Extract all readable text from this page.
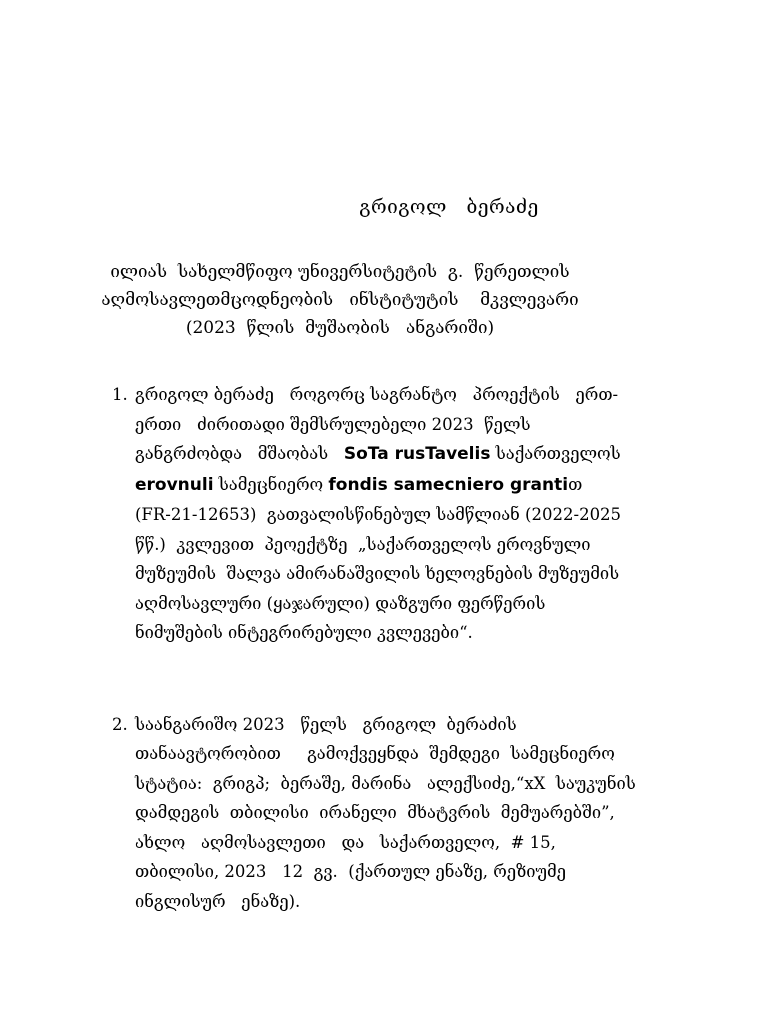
გრიგოლ   ბერაძე
ილიას  სახელმწიფო უნივერსიტეტის  გ.  წერეთლის
აღმოსავლეთმცოდნეობის   ინსტიტუტის    მკვლევარი
(2023  წლის  მუშაობის   ანგარიში)
1. გრიგოლ ბერაძე   როგორც საგრანტო   პროექტის   ერთ-
ერთი   ძირითადი შემსრულებელი 2023  წელს
განგრძობდა   მშაობას   SoTa rusTavelis საქართველოს
erovnuli სამეცნიერო fondis samecniero grantiთ
(FR-21-12653)  გათვალისწინებულ სამწლიან (2022-2025
წწ.)  კვლევით  პეოექტზე  „საქართველოს ეროვნული
მუზეუმის  შალვა ამირანაშვილის ხელოვნების მუზეუმის
აღმოსავლური (ყაჯარული) დაზგური ფერწერის
ნიმუშების ინტეგრირებული კვლევები“.
2. საანგარიშო 2023   წელს   გრიგოლ  ბერაძის
თანაავტორობით     გამოქვეყნდა  შემდეგი  სამეცნიერო
სტატია:  გრიგპ;  ბერაშე, მარინა   ალექსიძე,“xX  საუკუნის
დამდეგის  თბილისი  ირანელი  მხატვრის  მემუარებში”,
ახლო   აღმოსავლეთი   და   საქართველო,  # 15,
თბილისი, 2023   12  გვ.  (ქართულ ენაზე, რეზიუმე
ინგლისურ   ენაზე).
